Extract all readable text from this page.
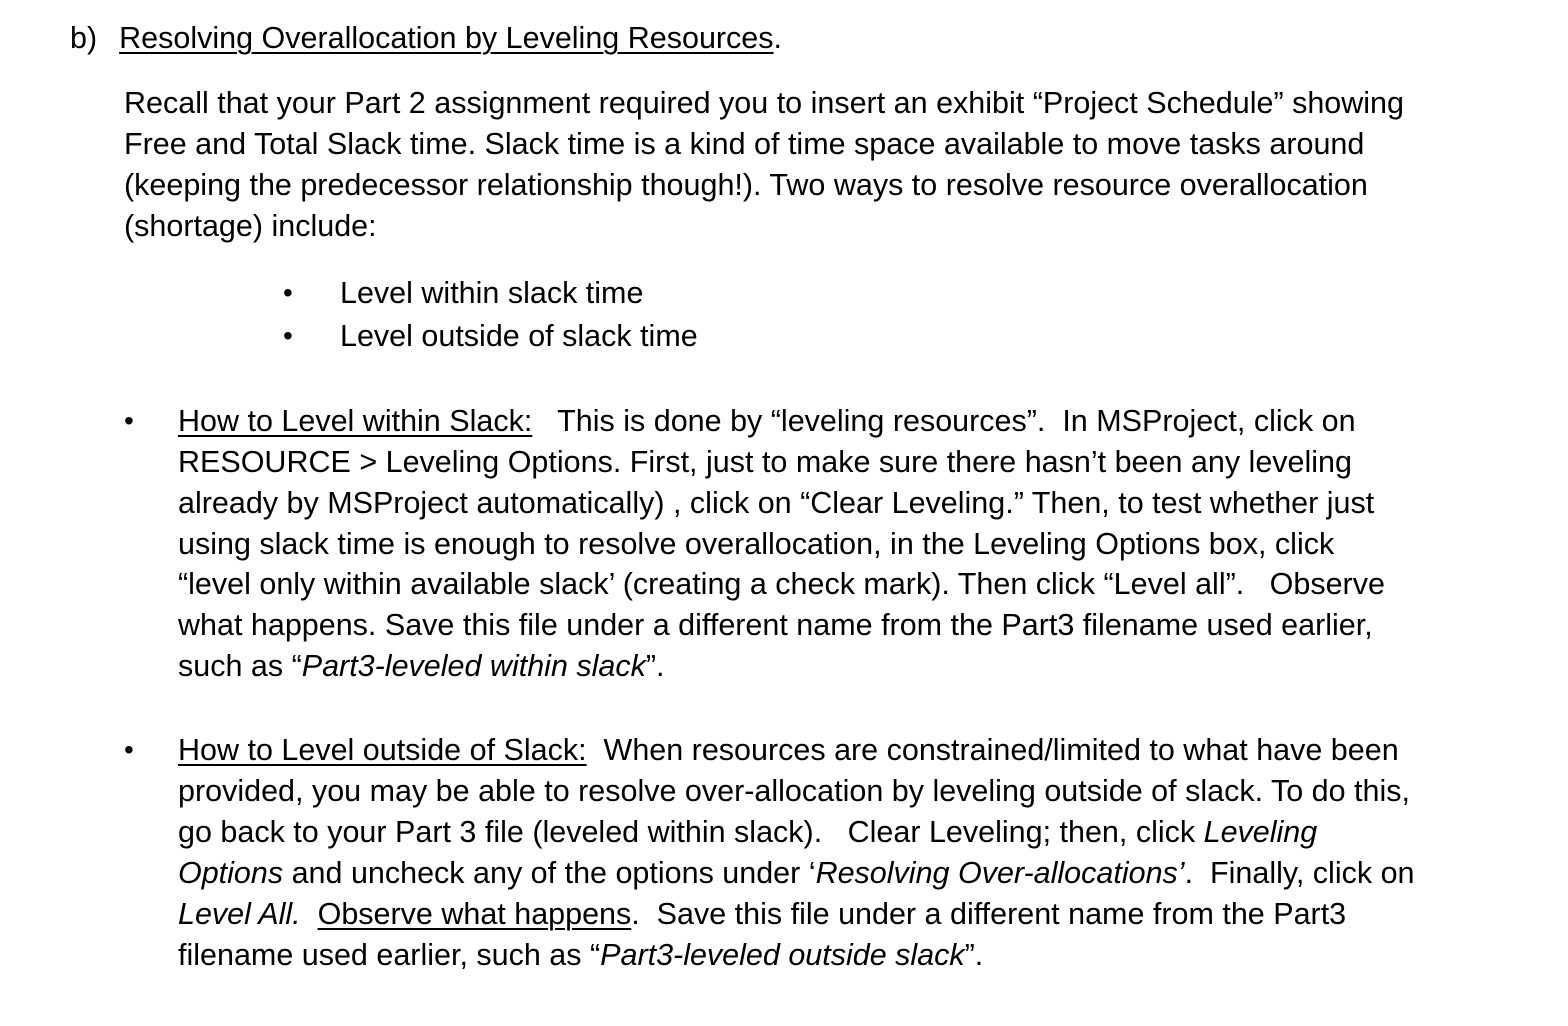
b) Resolving Overallocation by Leveling Resources.
Recall that your Part 2 assignment required you to insert an exhibit “Project Schedule” showing
Free and Total Slack time. Slack time is a kind of time space available to move tasks around
(keeping the predecessor relationship though!). Two ways to resolve resource overallocation
(shortage) include:
• Level within slack time
• Level outside of slack time
• How to Level within Slack:   This is done by “leveling resources”.  In MSProject, click on
RESOURCE > Leveling Options. First, just to make sure there hasn’t been any leveling
already by MSProject automatically) , click on “Clear Leveling.” Then, to test whether just
using slack time is enough to resolve overallocation, in the Leveling Options box, click
“level only within available slack’ (creating a check mark). Then click “Level all”.   Observe
what happens. Save this file under a different name from the Part3 filename used earlier,
such as “Part3-leveled within slack”.
• How to Level outside of Slack:  When resources are constrained/limited to what have been
provided, you may be able to resolve over-allocation by leveling outside of slack. To do this,
go back to your Part 3 file (leveled within slack).   Clear Leveling; then, click Leveling
Options and uncheck any of the options under ‘Resolving Over-allocations’.  Finally, click on
Level All. Observe what happens.  Save this file under a different name from the Part3
filename used earlier, such as “Part3-leveled outside slack”.
